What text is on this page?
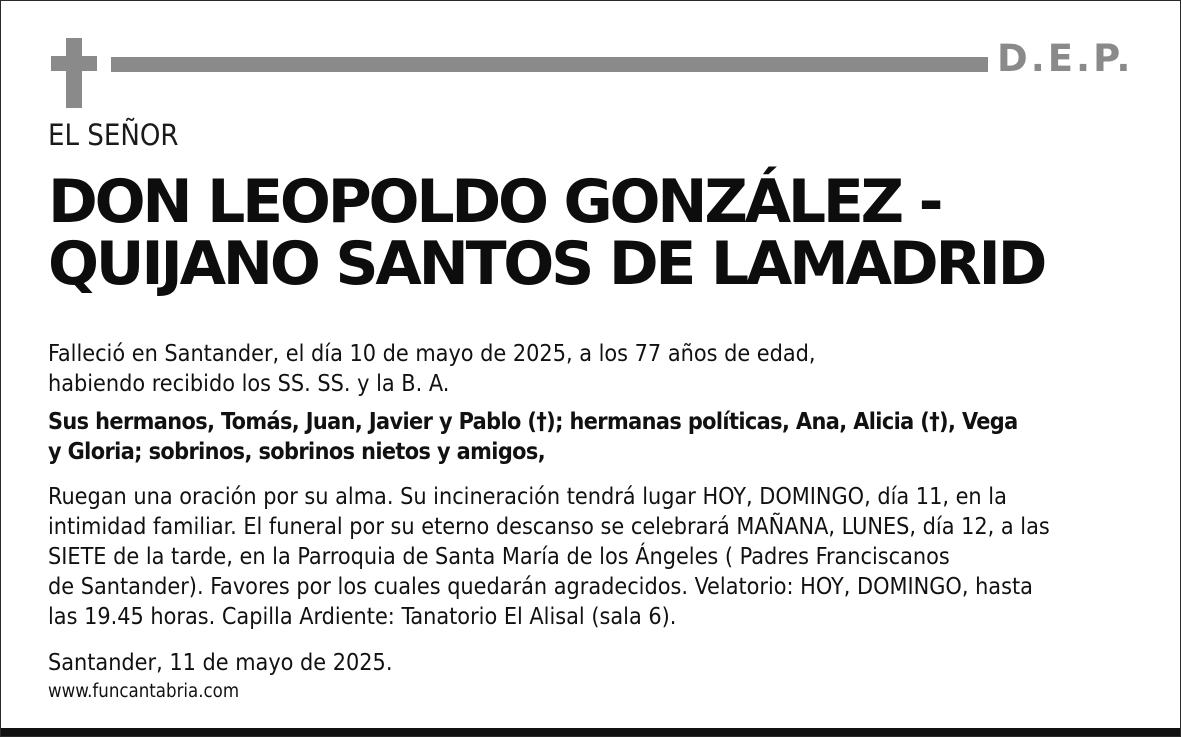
D.E.P.
EL SEÑOR
DON LEOPOLDO GONZÁLEZ -
QUIJANO SANTOS DE LAMADRID
Falleció en Santander, el día 10 de mayo de 2025, a los 77 años de edad,
habiendo recibido los SS. SS. y la B. A.
Sus hermanos, Tomás, Juan, Javier y Pablo (†); hermanas políticas, Ana, Alicia (†), Vega
y Gloria; sobrinos, sobrinos nietos y amigos,
Ruegan una oración por su alma. Su incineración tendrá lugar HOY, DOMINGO, día 11, en la
intimidad familiar. El funeral por su eterno descanso se celebrará MAÑANA, LUNES, día 12, a las
SIETE de la tarde, en la Parroquia de Santa María de los Ángeles ( Padres Franciscanos
de Santander). Favores por los cuales quedarán agradecidos. Velatorio: HOY, DOMINGO, hasta
las 19.45 horas. Capilla Ardiente: Tanatorio El Alisal (sala 6).
Santander, 11 de mayo de 2025.
www.funcantabria.com
